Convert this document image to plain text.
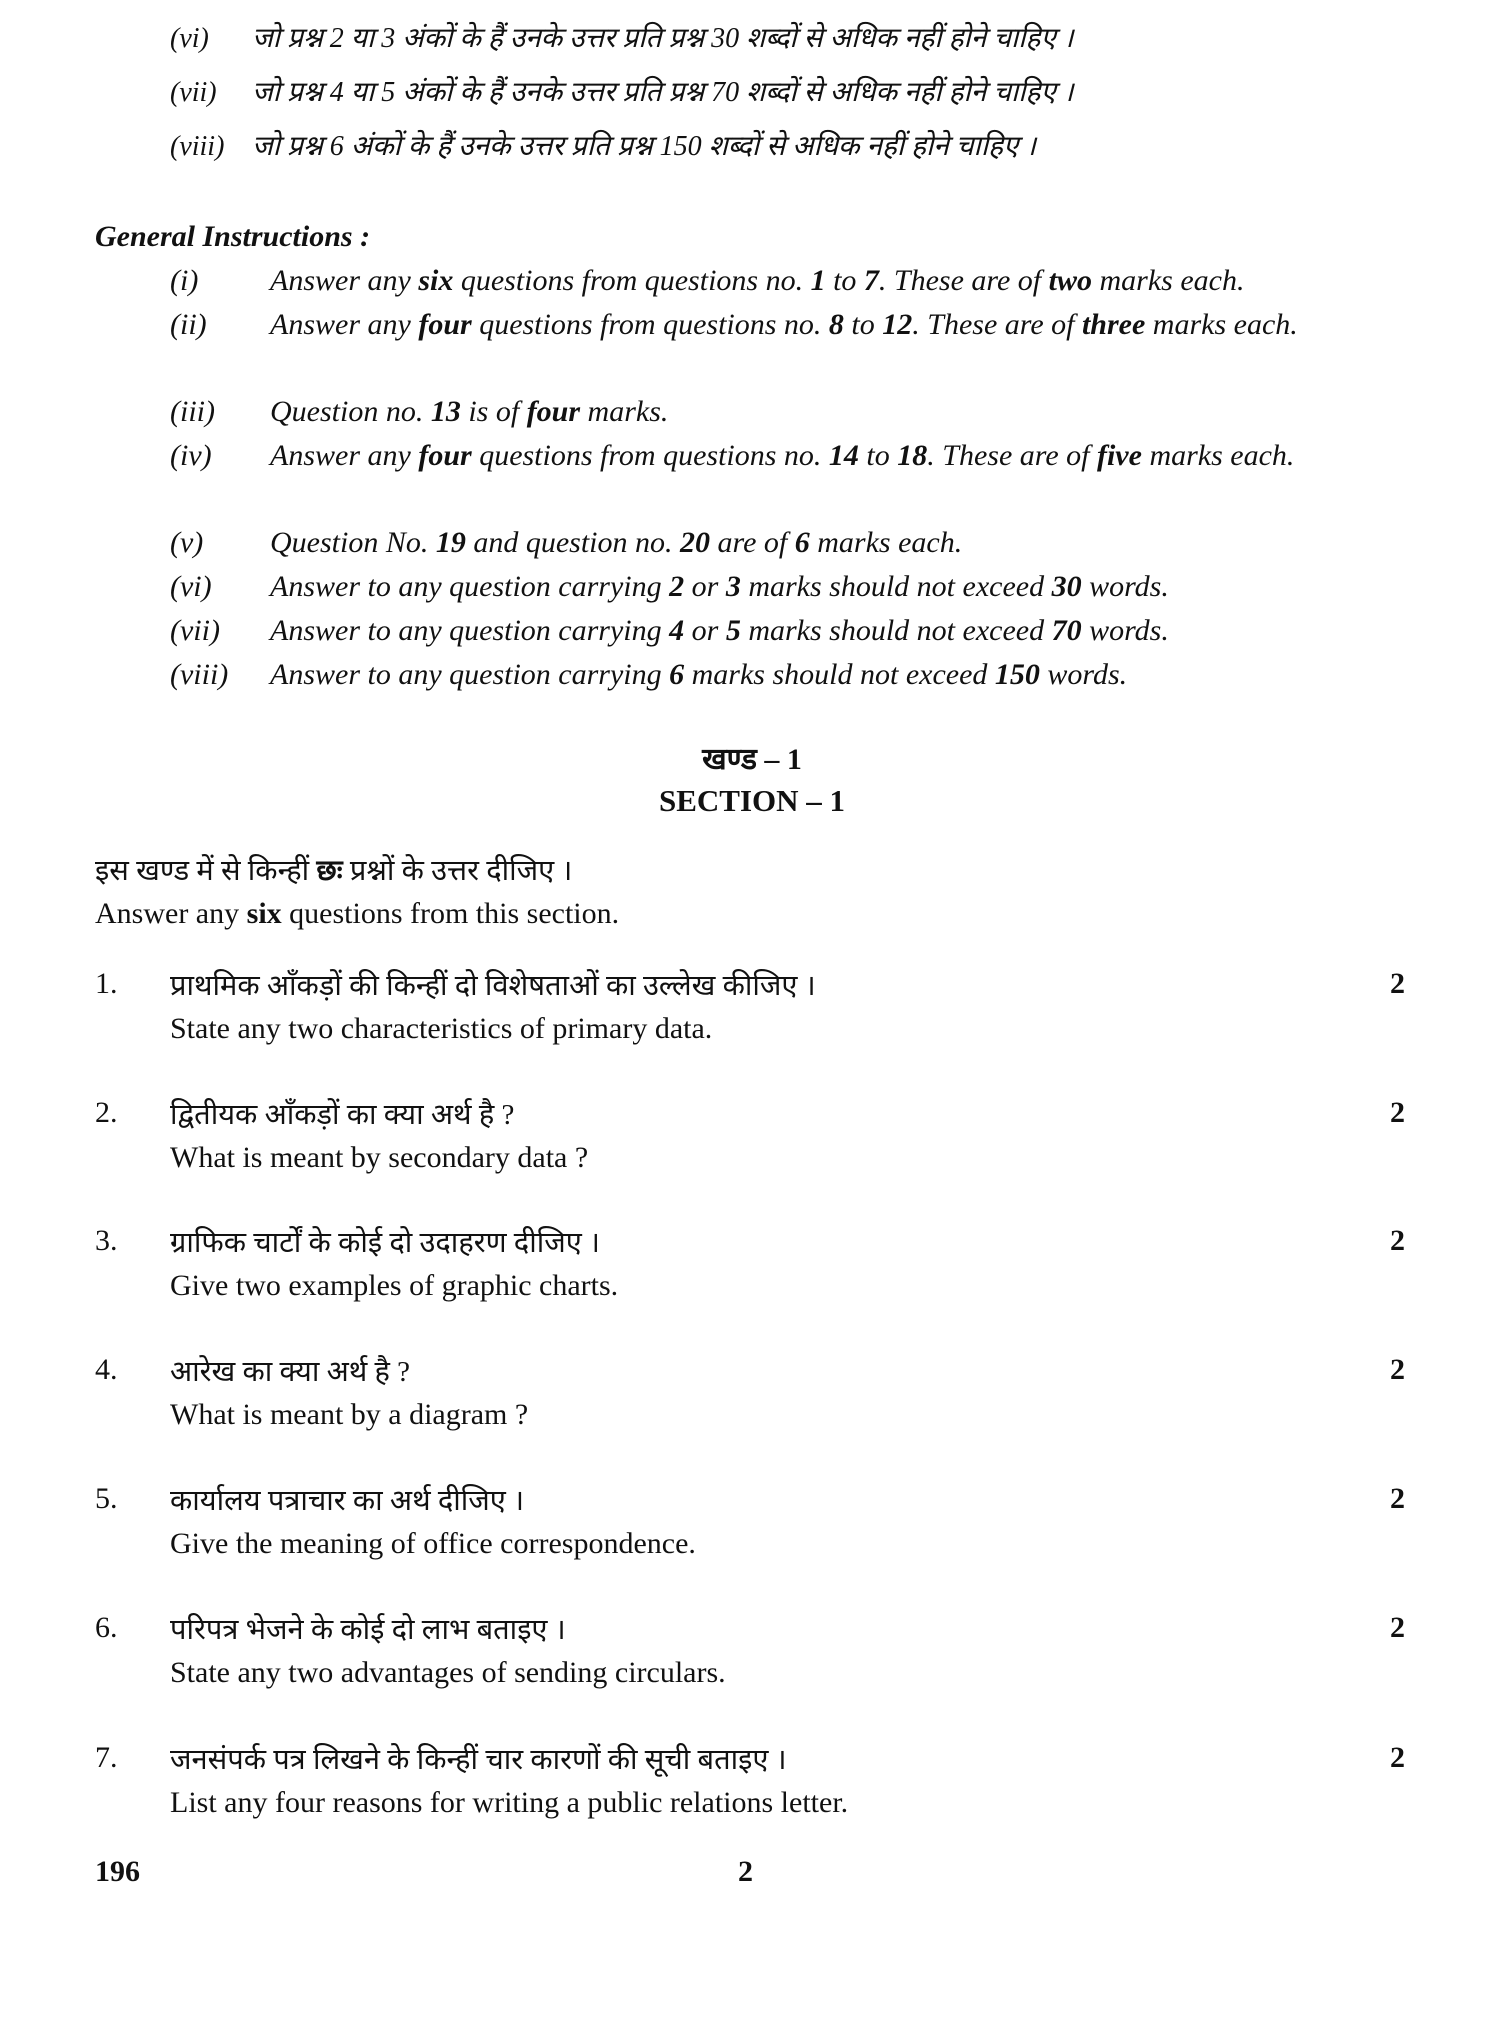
(vi) जो प्रश्न 2 या 3 अंकों के हैं उनके उत्तर प्रति प्रश्न 30 शब्दों से अधिक नहीं होने चाहिए ।
(vii) जो प्रश्न 4 या 5 अंकों के हैं उनके उत्तर प्रति प्रश्न 70 शब्दों से अधिक नहीं होने चाहिए ।
(viii) जो प्रश्न 6 अंकों के हैं उनके उत्तर प्रति प्रश्न 150 शब्दों से अधिक नहीं होने चाहिए ।
General Instructions :
(i) Answer any six questions from questions no. 1 to 7. These are of two marks each.
(ii) Answer any four questions from questions no. 8 to 12. These are of three marks each.
(iii) Question no. 13 is of four marks.
(iv) Answer any four questions from questions no. 14 to 18. These are of five marks each.
(v) Question No. 19 and question no. 20 are of 6 marks each.
(vi) Answer to any question carrying 2 or 3 marks should not exceed 30 words.
(vii) Answer to any question carrying 4 or 5 marks should not exceed 70 words.
(viii) Answer to any question carrying 6 marks should not exceed 150 words.
खण्ड – 1
SECTION – 1
इस खण्ड में से किन्हीं छः प्रश्नों के उत्तर दीजिए ।
Answer any six questions from this section.
1. प्राथमिक आँकड़ों की किन्हीं दो विशेषताओं का उल्लेख कीजिए ।
State any two characteristics of primary data.
2
2. द्वितीयक आँकड़ों का क्या अर्थ है ?
What is meant by secondary data ?
2
3. ग्राफिक चार्टों के कोई दो उदाहरण दीजिए ।
Give two examples of graphic charts.
2
4. आरेख का क्या अर्थ है ?
What is meant by a diagram ?
2
5. कार्यालय पत्राचार का अर्थ दीजिए ।
Give the meaning of office correspondence.
2
6. परिपत्र भेजने के कोई दो लाभ बताइए ।
State any two advantages of sending circulars.
2
7. जनसंपर्क पत्र लिखने के किन्हीं चार कारणों की सूची बताइए ।
List any four reasons for writing a public relations letter.
2
196	2
